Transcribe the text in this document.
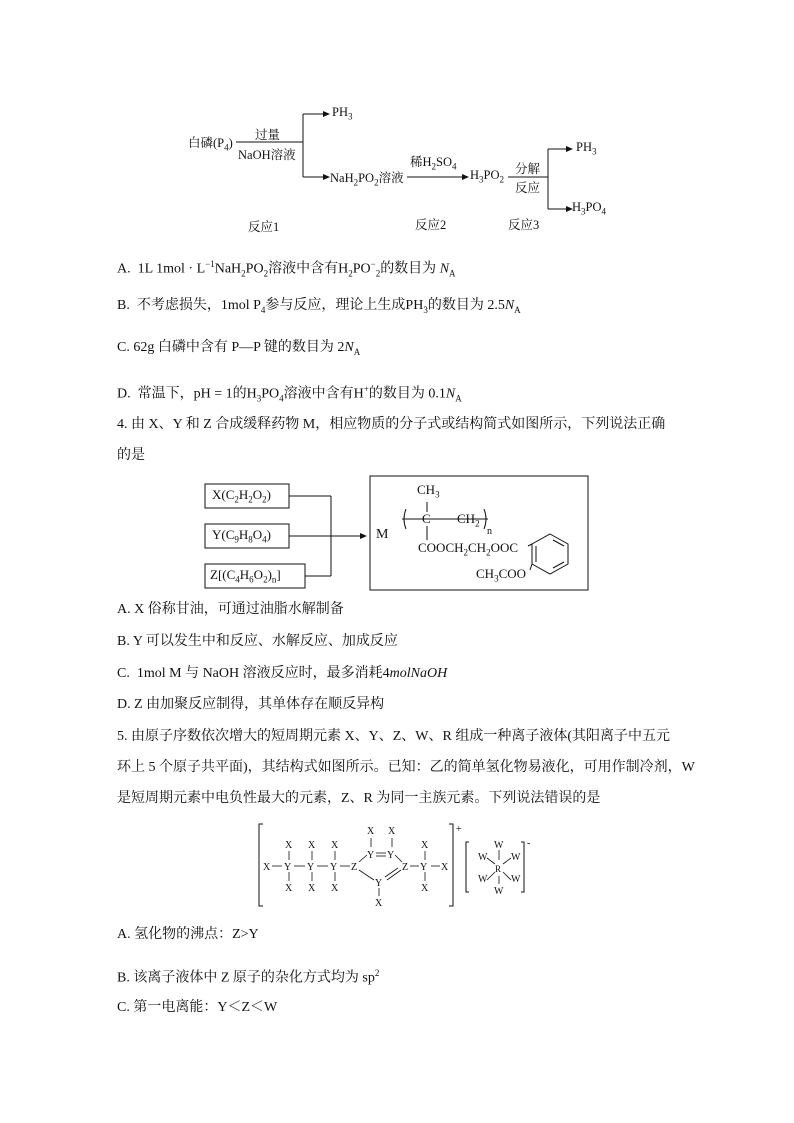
白磷$(P_4)$
过量
NaOH溶液
$PH_3$
$NaH_2PO_2$溶液
稀$H_2SO_4$
$H_3PO_2$
分解
反应
$PH_3$
$H_3PO_4$
反应1	反应2	反应3
A. 1L $1mol \cdot L^{-1}NaH_2PO_2$溶液中含有$H_2PO^-_2$的数目为 $N_A$
B. 不考虑损失，1mol $P_4$参与反应，理论上生成$PH_3$的数目为 $2.5N_A$
C. 62g 白磷中含有 P—P 键的数目为 $2N_A$
D. 常温下，pH = 1的$H_3PO_4$溶液中含有H+的数目为 $0.1N_A$
4. 由 X、Y 和 Z 合成缓释药物 M，相应物质的分子式或结构简式如图所示，下列说法正确
的是
$X(C_2H_2O_2)$
$Y(C_9H_8O_4)$
$Z[(C_4H_6O_2)_n]$
M
$CH_3$
C $CH_2$
n
$COOCH_2CH_2OOC$
$CH_3COO$
A. X 俗称甘油，可通过油脂水解制备
B. Y 可以发生中和反应、水解反应、加成反应
C. 1mol M 与 NaOH 溶液反应时，最多消耗4molNaOH
D. Z 由加聚反应制得，其单体存在顺反异构
5. 由原子序数依次增大的短周期元素 X、Y、Z、W、R 组成一种离子液体(其阳离子中五元
环上 5 个原子共平面)，其结构式如图所示。已知：乙的简单氢化物易液化，可用作制冷剂，W
是短周期元素中电负性最大的元素，Z、R 为同一主族元素。下列说法错误的是
X
X
Y
X
X
Y
X
X
Y
X
Z
X X
Y Y
Y
X
Z
X
Y
X
X
+
-
W
W W
R
W W
W
A. 氢化物的沸点：Z>Y
B. 该离子液体中 Z 原子的杂化方式均为 $sp^2$
C. 第一电离能：Y＜Z＜W
